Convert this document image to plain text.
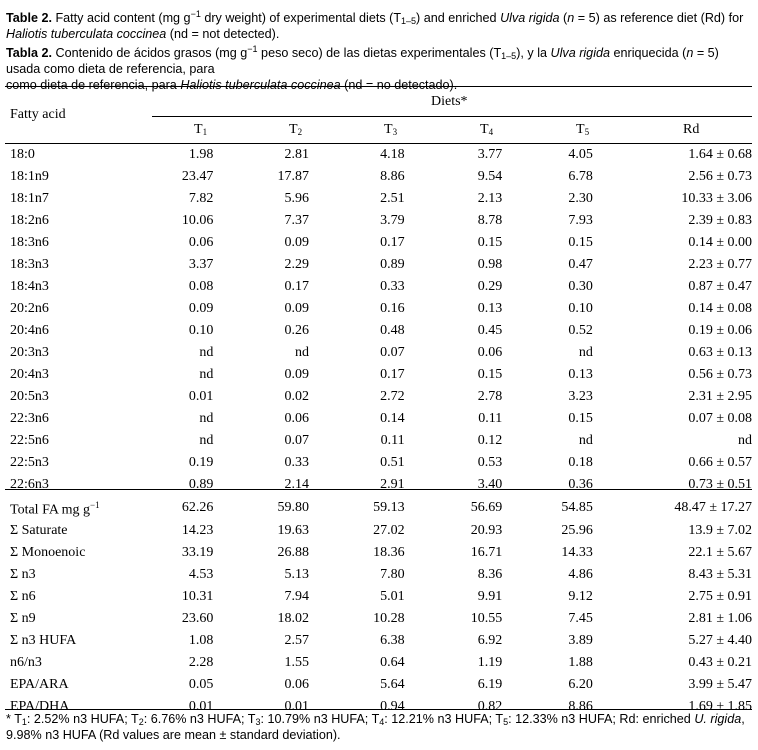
Table 2. Fatty acid content (mg $g^{-1}$ dry weight) of experimental diets $(T_{1-5})$ and enriched Ulva rigida (n = 5) as reference diet (Rd) for
Haliotis tuberculata coccinea (nd = not detected).
Tabla 2. Contenido de ácidos grasos (mg $g^{-1}$ peso seco) de las dietas experimentales $(T_{1-5})$, y la Ulva rigida enriquecida (n = 5) usada como dieta de referencia, para
como dieta de referencia, para Haliotis tuberculata coccinea (nd = no detectado).
Fatty acid
Diets*
$T_1$	$T_2$	$T_3$	$T_4$	$T_5$	Rd
18:0	1.98	2.81	4.18	3.77	4.05	1.64 ± 0.68
18:1n9	23.47	17.87	8.86	9.54	6.78	2.56 ± 0.73
18:1n7	7.82	5.96	2.51	2.13	2.30	10.33 ± 3.06
18:2n6	10.06	7.37	3.79	8.78	7.93	2.39 ± 0.83
18:3n6	0.06	0.09	0.17	0.15	0.15	0.14 ± 0.00
18:3n3	3.37	2.29	0.89	0.98	0.47	2.23 ± 0.77
18:4n3	0.08	0.17	0.33	0.29	0.30	0.87 ± 0.47
20:2n6	0.09	0.09	0.16	0.13	0.10	0.14 ± 0.08
20:4n6	0.10	0.26	0.48	0.45	0.52	0.19 ± 0.06
20:3n3	nd	nd	0.07	0.06	nd	0.63 ± 0.13
20:4n3	nd	0.09	0.17	0.15	0.13	0.56 ± 0.73
20:5n3	0.01	0.02	2.72	2.78	3.23	2.31 ± 2.95
22:3n6	nd	0.06	0.14	0.11	0.15	0.07 ± 0.08
22:5n6	nd	0.07	0.11	0.12	nd	nd
22:5n3	0.19	0.33	0.51	0.53	0.18	0.66 ± 0.57
22:6n3	0.89	2.14	2.91	3.40	0.36	0.73 ± 0.51
Total FA mg $g^{-1}$	62.26	59.80	59.13	56.69	54.85	48.47 ± 17.27
Σ Saturate	14.23	19.63	27.02	20.93	25.96	13.9 ± 7.02
Σ Monoenoic	33.19	26.88	18.36	16.71	14.33	22.1 ± 5.67
Σ n3	4.53	5.13	7.80	8.36	4.86	8.43 ± 5.31
Σ n6	10.31	7.94	5.01	9.91	9.12	2.75 ± 0.91
Σ n9	23.60	18.02	10.28	10.55	7.45	2.81 ± 1.06
Σ n3 HUFA	1.08	2.57	6.38	6.92	3.89	5.27 ± 4.40
n6/n3	2.28	1.55	0.64	1.19	1.88	0.43 ± 0.21
EPA/ARA	0.05	0.06	5.64	6.19	6.20	3.99 ± 5.47
EPA/DHA	0.01	0.01	0.94	0.82	8.86	1.69 ± 1.85
* $T_1$: 2.52% n3 HUFA; $T_2$: 6.76% n3 HUFA; $T_3$: 10.79% n3 HUFA; $T_4$: 12.21% n3 HUFA; $T_5$: 12.33% n3 HUFA; Rd: enriched U. rigida, 9.98% n3 HUFA (Rd values are mean ± standard deviation).
